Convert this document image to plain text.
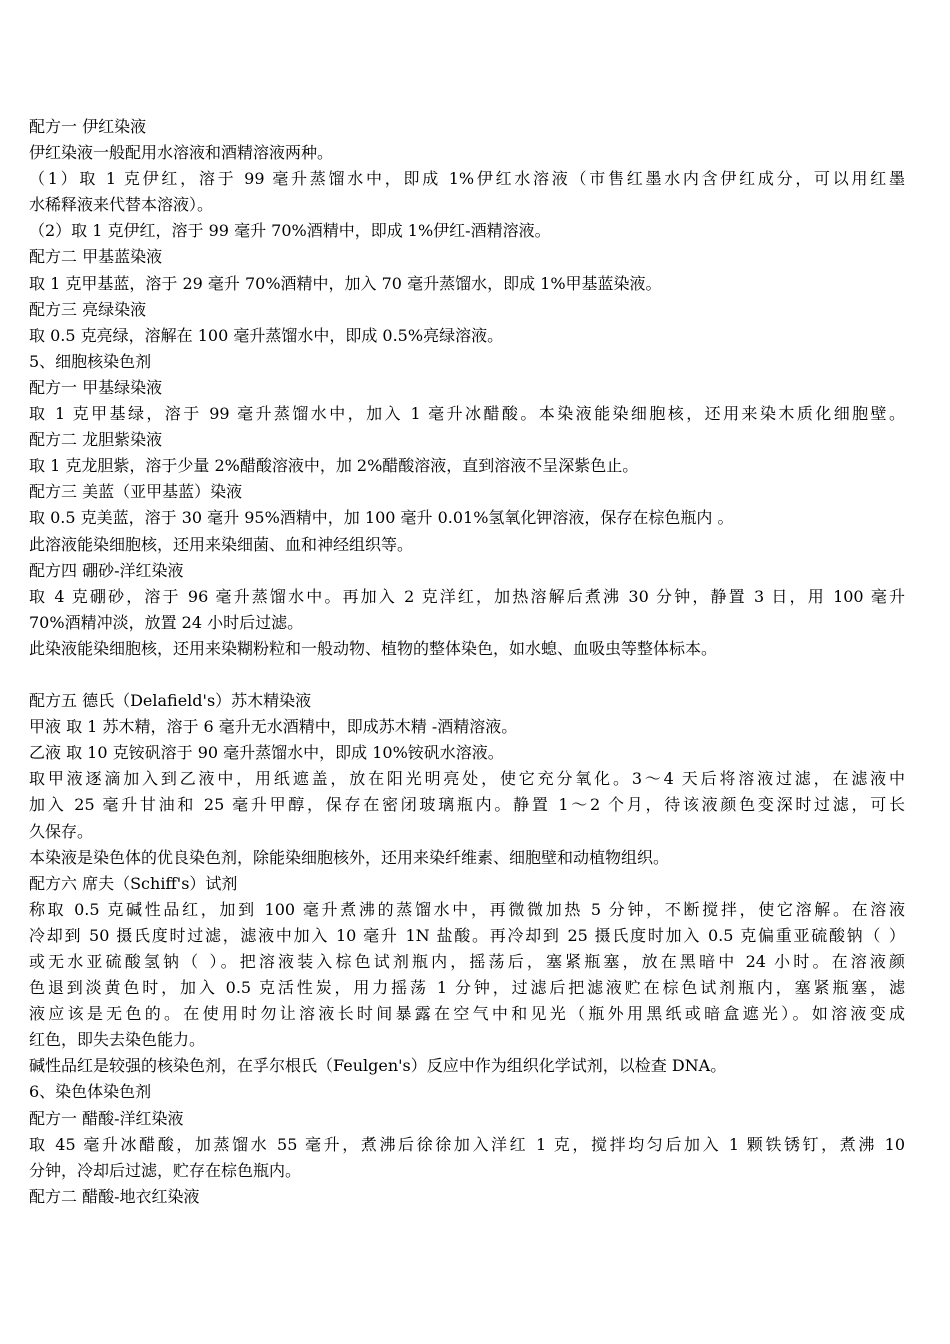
配方一 伊红染液
伊红染液一般配用水溶液和酒精溶液两种。
（1）取 1 克伊红，溶于 99 毫升蒸馏水中，即成 1%伊红水溶液（市售红墨水内含伊红成分，可以用红墨
水稀释液来代替本溶液）。
（2）取 1 克伊红，溶于 99 毫升 70%酒精中，即成 1%伊红-酒精溶液。
配方二 甲基蓝染液
取 1 克甲基蓝，溶于 29 毫升 70%酒精中，加入 70 毫升蒸馏水，即成 1%甲基蓝染液。
配方三 亮绿染液
取 0.5 克亮绿，溶解在 100 毫升蒸馏水中，即成 0.5%亮绿溶液。
5、细胞核染色剂
配方一 甲基绿染液
取 1 克甲基绿，溶于 99 毫升蒸馏水中，加入 1 毫升冰醋酸。本染液能染细胞核，还用来染木质化细胞壁。
配方二 龙胆紫染液
取 1 克龙胆紫，溶于少量 2%醋酸溶液中，加 2%醋酸溶液，直到溶液不呈深紫色止。
配方三 美蓝（亚甲基蓝）染液
取 0.5 克美蓝，溶于 30 毫升 95%酒精中，加 100 毫升 0.01%氢氧化钾溶液，保存在棕色瓶内 。
此溶液能染细胞核，还用来染细菌、血和神经组织等。
配方四 硼砂-洋红染液
取 4 克硼砂，溶于 96 毫升蒸馏水中。再加入 2 克洋红，加热溶解后煮沸 30 分钟，静置 3 日，用 100 毫升
70%酒精冲淡，放置 24 小时后过滤。
此染液能染细胞核，还用来染糊粉粒和一般动物、植物的整体染色，如水螅、血吸虫等整体标本。
配方五 德氏（Delafield's）苏木精染液
甲液 取 1 苏木精，溶于 6 毫升无水酒精中，即成苏木精 -酒精溶液。
乙液 取 10 克铵矾溶于 90 毫升蒸馏水中，即成 10%铵矾水溶液。
取甲液逐滴加入到乙液中，用纸遮盖，放在阳光明亮处，使它充分氧化。3～4 天后将溶液过滤，在滤液中
加入 25 毫升甘油和 25 毫升甲醇，保存在密闭玻璃瓶内。静置 1～2 个月，待该液颜色变深时过滤，可长
久保存。
本染液是染色体的优良染色剂，除能染细胞核外，还用来染纤维素、细胞壁和动植物组织。
配方六 席夫（Schiff's）试剂
称取 0.5 克碱性品红，加到 100 毫升煮沸的蒸馏水中，再微微加热 5 分钟，不断搅拌，使它溶解。在溶液
冷却到 50 摄氏度时过滤，滤液中加入 10 毫升 1N 盐酸。再冷却到 25 摄氏度时加入 0.5 克偏重亚硫酸钠（ ）
或无水亚硫酸氢钠（ ）。把溶液装入棕色试剂瓶内，摇荡后，塞紧瓶塞，放在黑暗中 24 小时。在溶液颜
色退到淡黄色时，加入 0.5 克活性炭，用力摇荡 1 分钟，过滤后把滤液贮在棕色试剂瓶内，塞紧瓶塞，滤
液应该是无色的。在使用时勿让溶液长时间暴露在空气中和见光（瓶外用黑纸或暗盒遮光）。如溶液变成
红色，即失去染色能力。
碱性品红是较强的核染色剂，在孚尔根氏（Feulgen's）反应中作为组织化学试剂，以检查 DNA。
6、染色体染色剂
配方一 醋酸-洋红染液
取 45 毫升冰醋酸，加蒸馏水 55 毫升，煮沸后徐徐加入洋红 1 克，搅拌均匀后加入 1 颗铁锈钉，煮沸 10
分钟，冷却后过滤，贮存在棕色瓶内。
配方二 醋酸-地衣红染液
